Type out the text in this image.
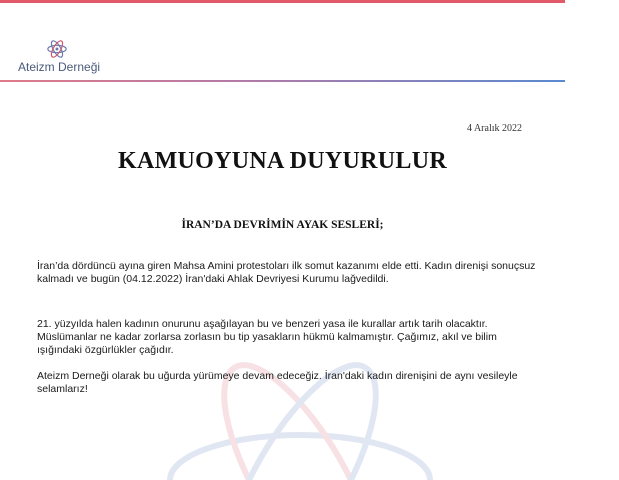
Ateizm Derneği
4 Aralık 2022
KAMUOYUNA DUYURULUR
İRAN’DA DEVRİMİN AYAK SESLERİ;

İran’da dördüncü ayına giren Mahsa Amini protestoları ilk somut kazanımı elde etti. Kadın direnişi sonuçsuz kalmadı ve bugün (04.12.2022) İran'daki Ahlak Devriyesi Kurumu lağvedildi.

21. yüzyılda halen kadının onurunu aşağılayan bu ve benzeri yasa ile kurallar artık tarih olacaktır. Müslümanlar ne kadar zorlarsa zorlasın bu tip yasakların hükmü kalmamıştır. Çağımız, akıl ve bilim ışığındaki özgürlükler çağıdır.

Ateizm Derneği olarak bu uğurda yürümeye devam edeceğiz. İran'daki kadın direnişini de aynı vesileyle selamlarız!
